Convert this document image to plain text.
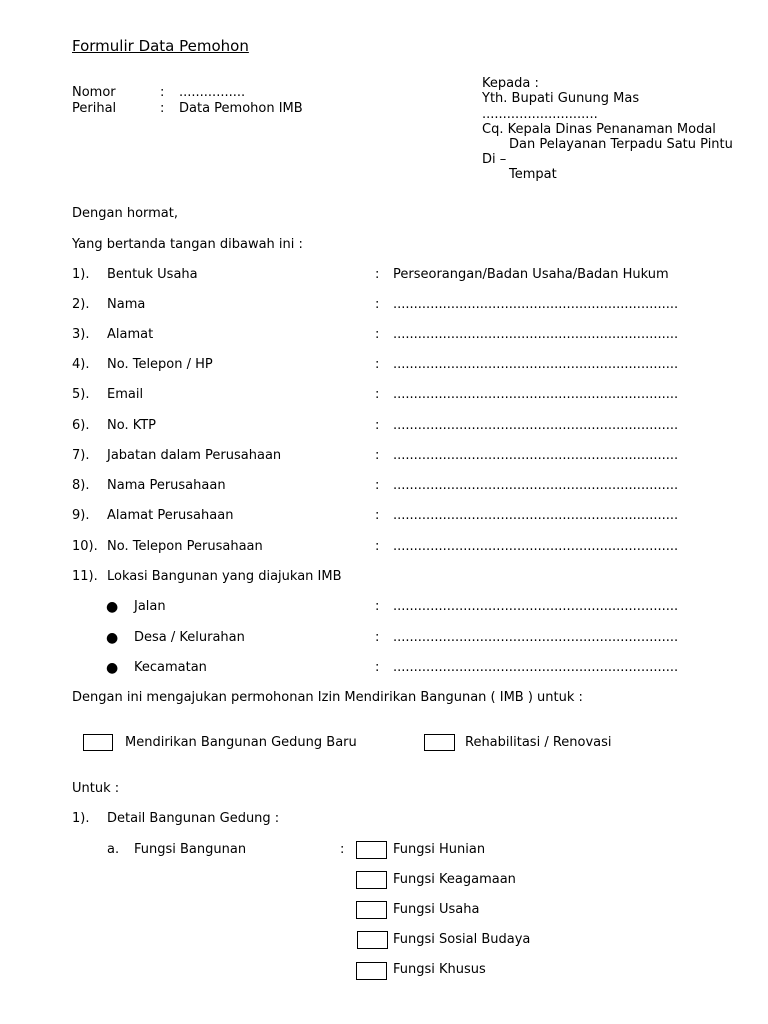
Formulir Data Pemohon
Nomor	: ................
Perihal	: Data Pemohon IMB
Kepada :
Yth. Bupati Gunung Mas
............................
Cq. Kepala Dinas Penanaman Modal
Dan Pelayanan Terpadu Satu Pintu
Di –
Tempat
Dengan hormat,
Yang bertanda tangan dibawah ini :
1). Bentuk Usaha	: Perseorangan/Badan Usaha/Badan Hukum
2). Nama	: .....................................................................
3). Alamat	: .....................................................................
4). No. Telepon / HP	: .....................................................................
5). Email	: .....................................................................
6). No. KTP	: .....................................................................
7). Jabatan dalam Perusahaan	: .....................................................................
8). Nama Perusahaan	: .....................................................................
9). Alamat Perusahaan	: .....................................................................
10). No. Telepon Perusahaan	: .....................................................................
11). Lokasi Bangunan yang diajukan IMB
● Jalan	: .....................................................................
● Desa / Kelurahan	: .....................................................................
● Kecamatan	: .....................................................................
Dengan ini mengajukan permohonan Izin Mendirikan Bangunan ( IMB ) untuk :
Mendirikan Bangunan Gedung Baru	Rehabilitasi / Renovasi
Untuk :
1). Detail Bangunan Gedung :
a. Fungsi Bangunan	:	Fungsi Hunian
Fungsi Keagamaan
Fungsi Usaha
Fungsi Sosial Budaya
Fungsi Khusus
